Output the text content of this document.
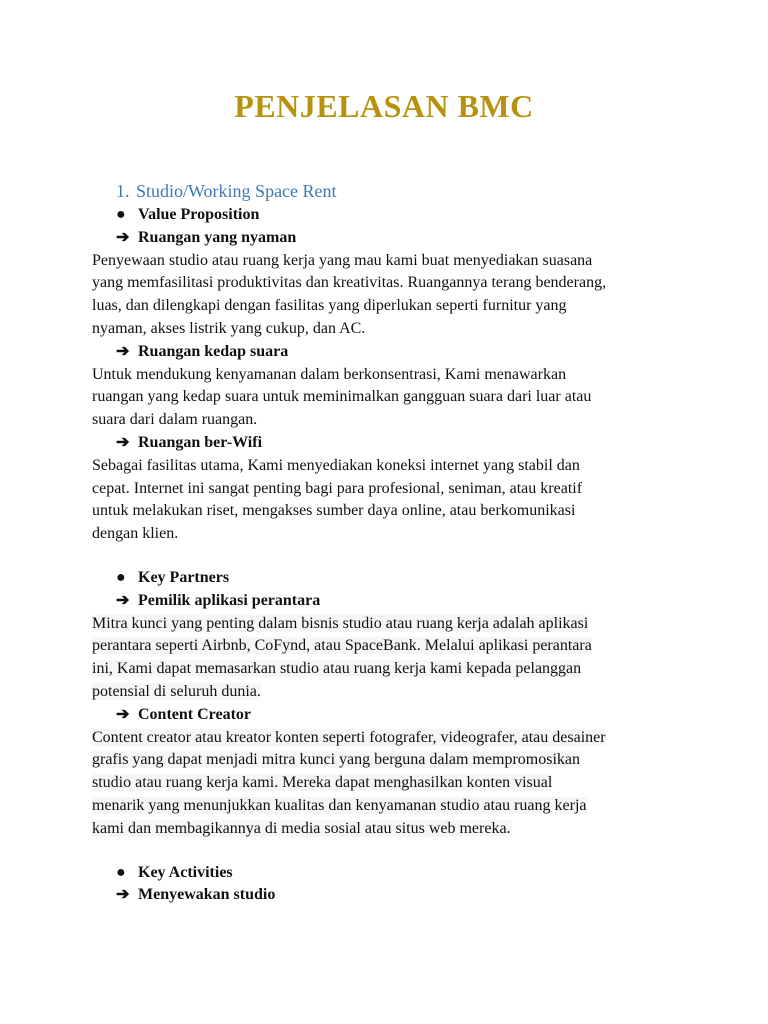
PENJELASAN BMC
1. Studio/Working Space Rent
● Value Proposition
➔ Ruangan yang nyaman
Penyewaan studio atau ruang kerja yang mau kami buat menyediakan suasana
yang memfasilitasi produktivitas dan kreativitas. Ruangannya terang benderang,
luas, dan dilengkapi dengan fasilitas yang diperlukan seperti furnitur yang
nyaman, akses listrik yang cukup, dan AC.
➔ Ruangan kedap suara
Untuk mendukung kenyamanan dalam berkonsentrasi, Kami menawarkan
ruangan yang kedap suara untuk meminimalkan gangguan suara dari luar atau
suara dari dalam ruangan.
➔ Ruangan ber-Wifi
Sebagai fasilitas utama, Kami menyediakan koneksi internet yang stabil dan
cepat. Internet ini sangat penting bagi para profesional, seniman, atau kreatif
untuk melakukan riset, mengakses sumber daya online, atau berkomunikasi
dengan klien.
● Key Partners
➔ Pemilik aplikasi perantara
Mitra kunci yang penting dalam bisnis studio atau ruang kerja adalah aplikasi
perantara seperti Airbnb, CoFynd, atau SpaceBank. Melalui aplikasi perantara
ini, Kami dapat memasarkan studio atau ruang kerja kami kepada pelanggan
potensial di seluruh dunia.
➔ Content Creator
Content creator atau kreator konten seperti fotografer, videografer, atau desainer
grafis yang dapat menjadi mitra kunci yang berguna dalam mempromosikan
studio atau ruang kerja kami. Mereka dapat menghasilkan konten visual
menarik yang menunjukkan kualitas dan kenyamanan studio atau ruang kerja
kami dan membagikannya di media sosial atau situs web mereka.
● Key Activities
➔ Menyewakan studio
